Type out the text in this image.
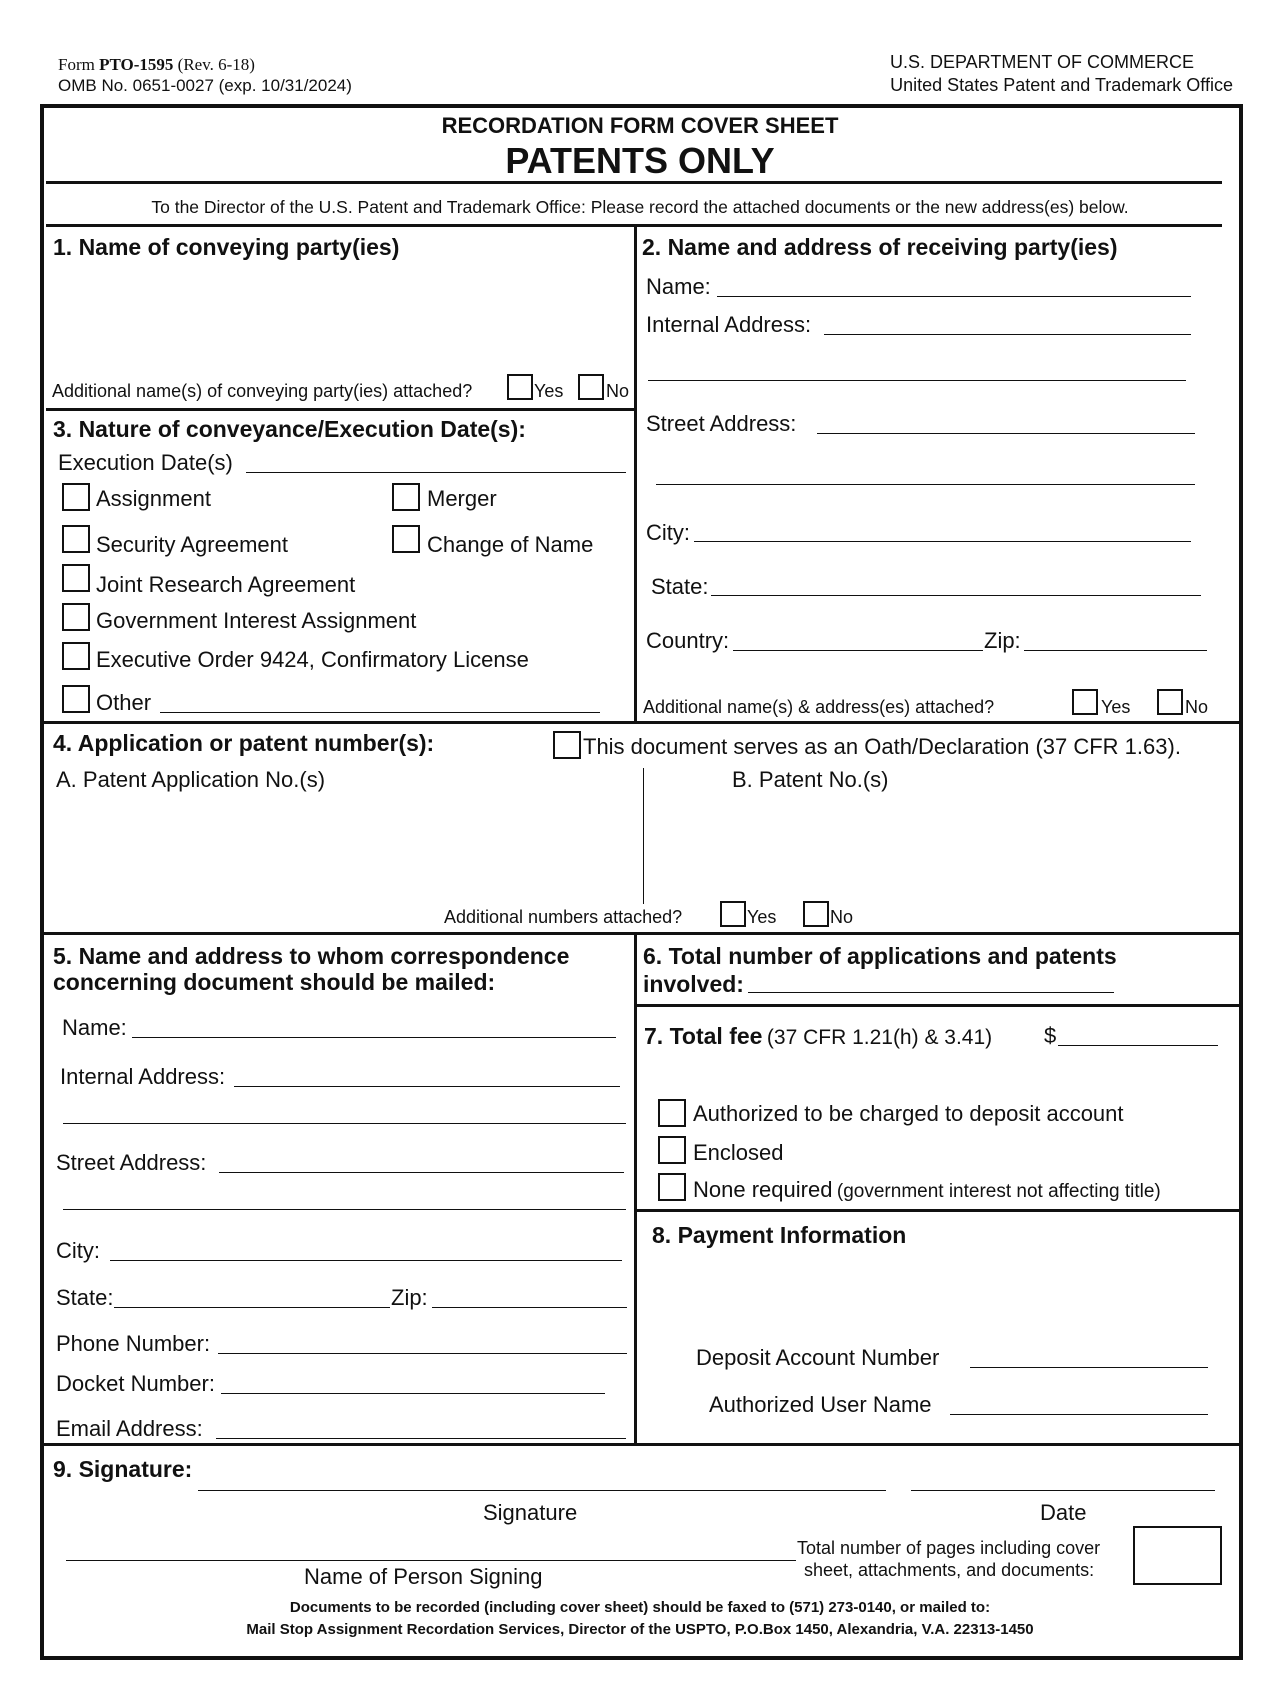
Form PTO-1595 (Rev. 6-18)
OMB No. 0651-0027 (exp. 10/31/2024)
U.S. DEPARTMENT OF COMMERCE
United States Patent and Trademark Office
RECORDATION FORM COVER SHEET
PATENTS ONLY
To the Director of the U.S. Patent and Trademark Office: Please record the attached documents or the new address(es) below.
1. Name of conveying party(ies)
Additional name(s) of conveying party(ies) attached?	Yes No
2. Name and address of receiving party(ies)
Name:
Internal Address:
Street Address:
City:
State:
Country:	Zip:
Additional name(s) & address(es) attached?	Yes	No
3. Nature of conveyance/Execution Date(s):
Execution Date(s)
Assignment	Merger
Security Agreement	Change of Name
Joint Research Agreement
Government Interest Assignment
Executive Order 9424, Confirmatory License
Other
4. Application or patent number(s):	This document serves as an Oath/Declaration (37 CFR 1.63).
A. Patent Application No.(s)	B. Patent No.(s)
Additional numbers attached?	Yes	No
5. Name and address to whom correspondence
concerning document should be mailed:
Name:
Internal Address:
Street Address:
City:
State:	Zip:
Phone Number:
Docket Number:
Email Address:
6. Total number of applications and patents
involved:
7. Total fee (37 CFR 1.21(h) & 3.41) $
Authorized to be charged to deposit account
Enclosed
None required (government interest not affecting title)
8. Payment Information
Deposit Account Number
Authorized User Name
9. Signature:
Signature	Date
Name of Person Signing
Total number of pages including cover
sheet, attachments, and documents:
Documents to be recorded (including cover sheet) should be faxed to (571) 273-0140, or mailed to:
Mail Stop Assignment Recordation Services, Director of the USPTO, P.O.Box 1450, Alexandria, V.A. 22313-1450
